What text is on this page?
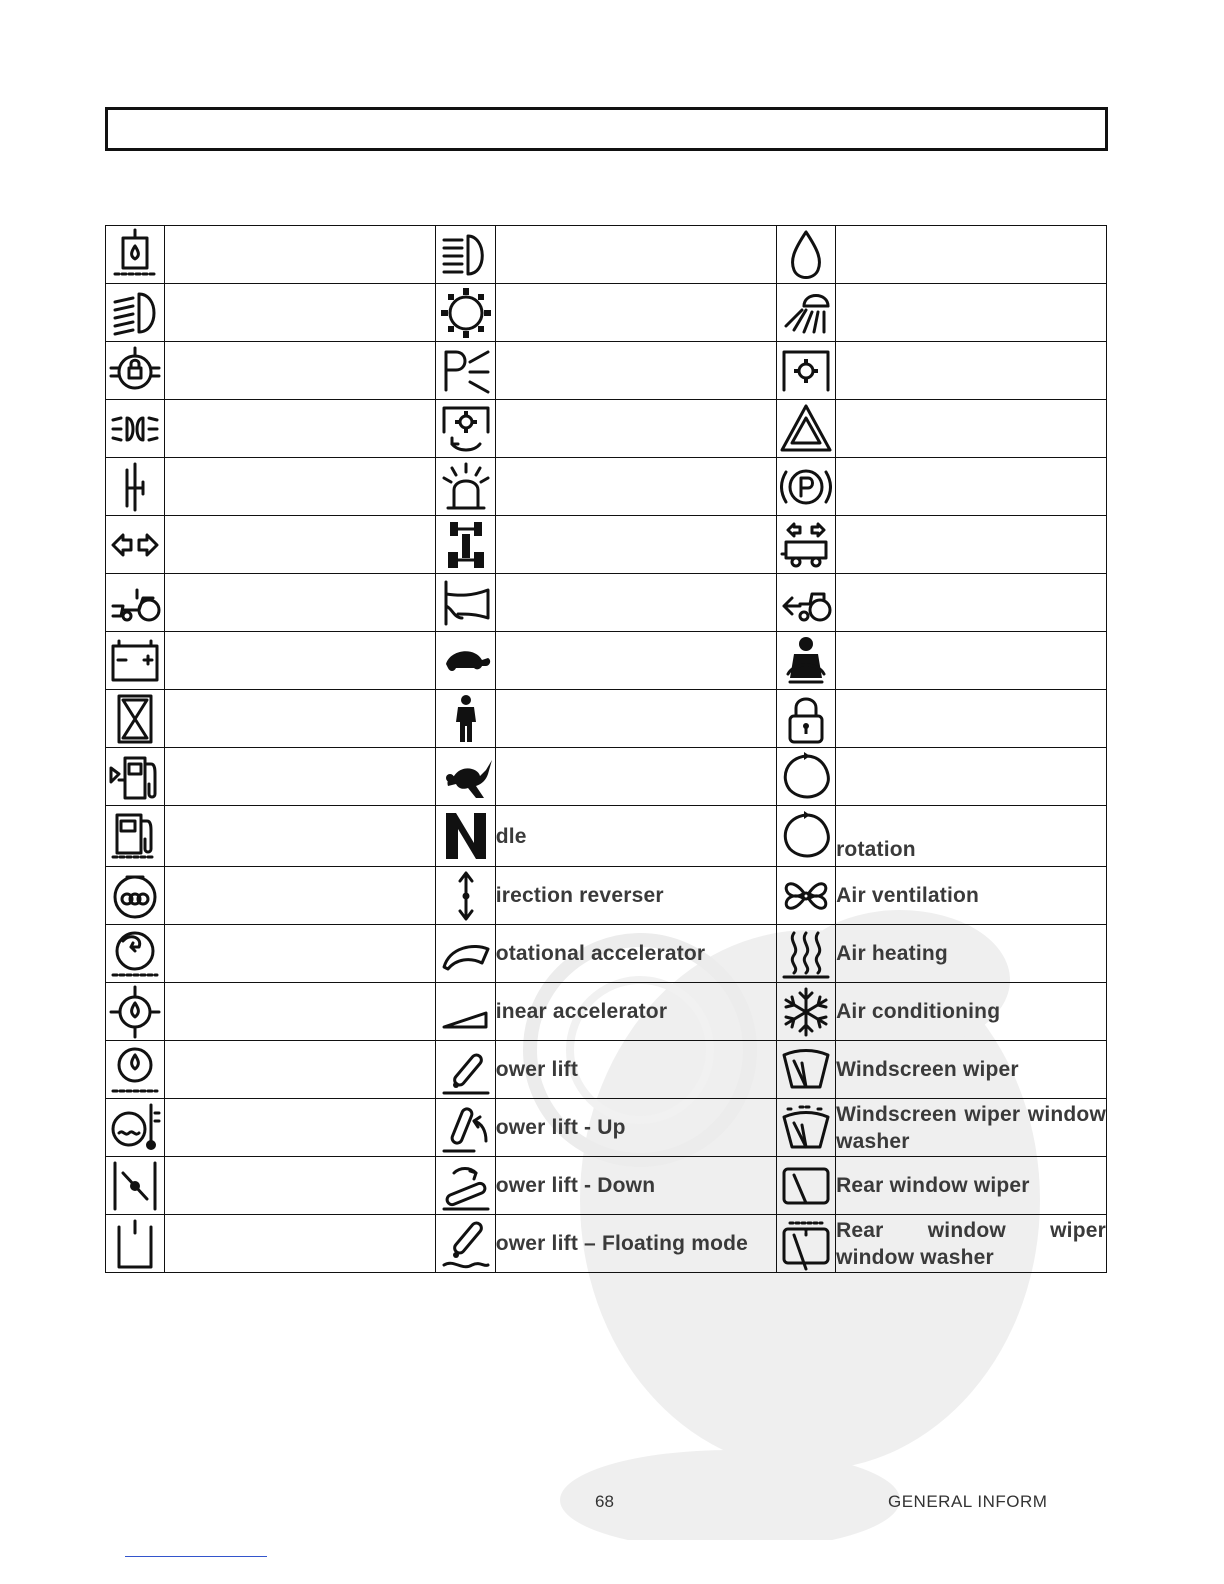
	dle		rotation

	irection reverser		Air ventilation

	otational accelerator		Air heating

	inear accelerator		Air conditioning

	ower lift		Windscreen wiper

	ower lift - Up		Windscreen wiper window washer

	ower lift - Down		Rear window wiper

	ower lift – Floating mode		Rear window wiper window washer
68	GENERAL INFORM
